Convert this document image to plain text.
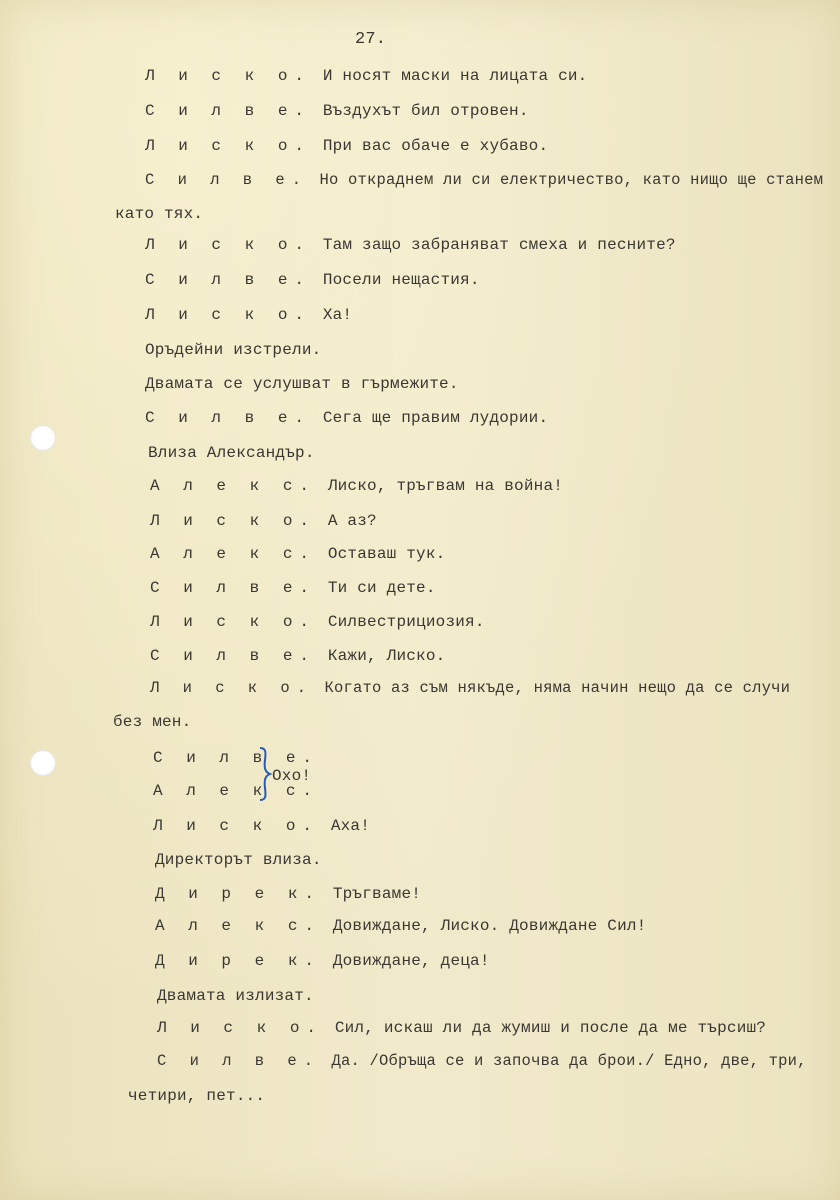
27.
Л и с к о. И носят маски на лицата си.
С и л в е. Въздухът бил отровен.
Л и с к о. При вас обаче е хубаво.
С и л в е. Но откраднем ли си електричество, като нищо ще станем
като тях.
Л и с к о. Там защо забраняват смеха и песните?
С и л в е. Посели нещастия.
Л и с к о. Ха!
Оръдейни изстрели.
Двамата се услушват в гърмежите.
С и л в е. Сега ще правим лудории.
Влиза Александър.
А л е к с. Лиско, тръгвам на война!
Л и с к о. А аз?
А л е к с. Оставаш тук.
С и л в е. Ти си дете.
Л и с к о. Силвестрициозия.
С и л в е. Кажи, Лиско.
Л и с к о. Когато аз съм някъде, няма начин нещо да се случи
без мен.
С и л в е.
А л е к с.
Охо!
Л и с к о. Аха!
Директорът влиза.
Д и р е к. Тръгваме!
А л е к с. Довиждане, Лиско. Довиждане Сил!
Д и р е к. Довиждане, деца!
Двамата излизат.
Л и с к о. Сил, искаш ли да жумиш и после да ме търсиш?
С и л в е. Да. /Обръща се и започва да брои./ Едно, две, три,
четири, пет...
